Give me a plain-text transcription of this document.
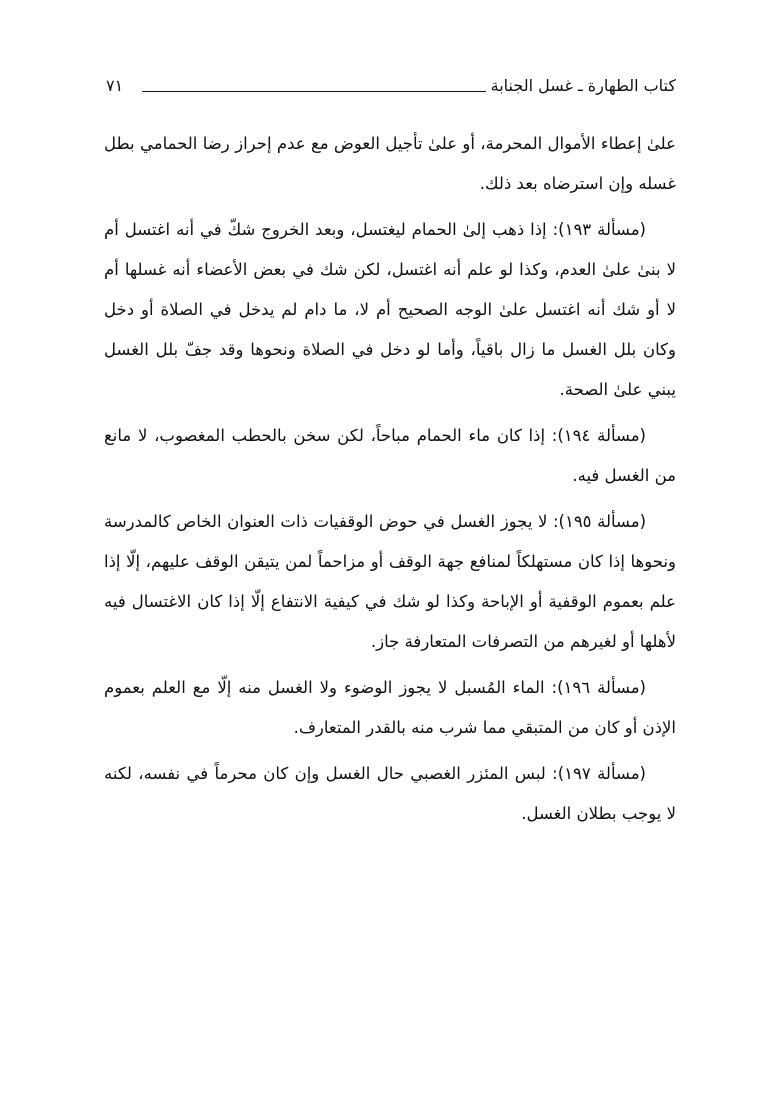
كتاب الطهارة ـ غسل الجنابة
٧١

علىٰ إعطاء الأموال المحرمة، أو علىٰ تأجيل العوض مع عدم إحراز رضا الحمامي بطل غسله وإن استرضاه بعد ذلك.

(مسألة ١٩٣): إذا ذهب إلىٰ الحمام ليغتسل، وبعد الخروج شكّ في أنه اغتسل أم لا بنىٰ علىٰ العدم، وكذا لو علم أنه اغتسل، لكن شك في بعض الأعضاء أنه غسلها أم لا أو شك أنه اغتسل علىٰ الوجه الصحيح أم لا، ما دام لم يدخل في الصلاة أو دخل وكان بلل الغسل ما زال باقياً، وأما لو دخل في الصلاة ونحوها وقد جفّ بلل الغسل يبني علىٰ الصحة.

(مسألة ١٩٤): إذا كان ماء الحمام مباحاً، لكن سخن بالحطب المغصوب، لا مانع من الغسل فيه.

(مسألة ١٩٥): لا يجوز الغسل في حوض الوقفيات ذات العنوان الخاص كالمدرسة ونحوها إذا كان مستهلكاً لمنافع جهة الوقف أو مزاحماً لمن يتيقن الوقف عليهم، إلّا إذا علم بعموم الوقفية أو الإباحة وكذا لو شك في كيفية الانتفاع إلّا إذا كان الاغتسال فيه لأهلها أو لغيرهم من التصرفات المتعارفة جاز.

(مسألة ١٩٦): الماء المُسبل لا يجوز الوضوء ولا الغسل منه إلّا مع العلم بعموم الإذن أو كان من المتبقي مما شرب منه بالقدر المتعارف.

(مسألة ١٩٧): لبس المئزر الغصبي حال الغسل وإن كان محرماً في نفسه، لكنه لا يوجب بطلان الغسل.
